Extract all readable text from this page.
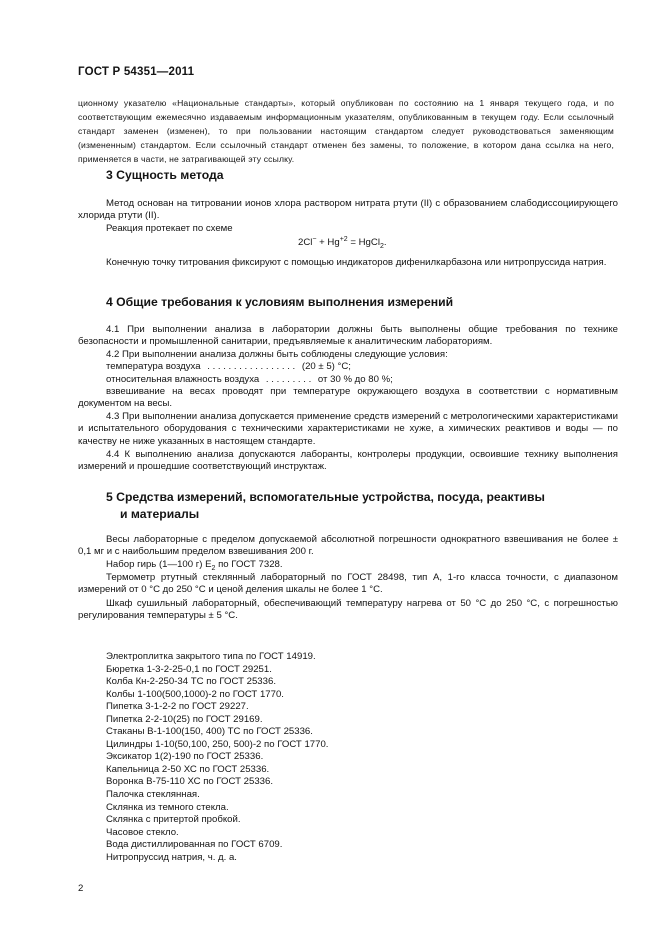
ГОСТ Р 54351—2011

ционному указателю «Национальные стандарты», который опубликован по состоянию на 1 января текущего года, и по соответствующим ежемесячно издаваемым информационным указателям, опубликованным в текущем году. Если ссылочный стандарт заменен (изменен), то при пользовании настоящим стандартом следует руководствоваться заменяющим (измененным) стандартом. Если ссылочный стандарт отменен без замены, то положение, в котором дана ссылка на него, применяется в части, не затрагивающей эту ссылку.

3 Сущность метода
Метод основан на титровании ионов хлора раствором нитрата ртути (II) с образованием слабодиссоциирующего хлорида ртути (II).
Реакция протекает по схеме
$2Cl^- + Hg^{+2}$ = HgCl$_2$.
Конечную точку титрования фиксируют с помощью индикаторов дифенилкарбазона или нитропруссида натрия.
4 Общие требования к условиям выполнения измерений
4.1 При выполнении анализа в лаборатории должны быть выполнены общие требования по технике безопасности и промышленной санитарии, предъявляемые к аналитическим лабораториям.
4.2 При выполнении анализа должны быть соблюдены следующие условия:
температура воздуха . . . . . . . . . . . . . . . . . (20 ± 5) °С;
относительная влажность воздуха . . . . . . . . . от 30 % до 80 %;
взвешивание на весах проводят при температуре окружающего воздуха в соответствии с нормативным документом на весы.
4.3 При выполнении анализа допускается применение средств измерений с метрологическими характеристиками и испытательного оборудования с техническими характеристиками не хуже, а химических реактивов и воды — по качеству не ниже указанных в настоящем стандарте.
4.4 К выполнению анализа допускаются лаборанты, контролеры продукции, освоившие технику выполнения измерений и прошедшие соответствующий инструктаж.
5 Средства измерений, вспомогательные устройства, посуда, реактивы
и материалы
Весы лабораторные с пределом допускаемой абсолютной погрешности однократного взвешивания не более ± 0,1 мг и с наибольшим пределом взвешивания 200 г.
Набор гирь (1—100 г) $Е_2$ по ГОСТ 7328.
Термометр ртутный стеклянный лабораторный по ГОСТ 28498, тип А, 1-го класса точности, с диапазоном измерений от 0 °С до 250 °С и ценой деления шкалы не более 1 °С.
Шкаф сушильный лабораторный, обеспечивающий температуру нагрева от 50 °С до 250 °С, с погрешностью регулирования температуры ± 5 °С.
Электроплитка закрытого типа по ГОСТ 14919.
Бюретка 1-3-2-25-0,1 по ГОСТ 29251.
Колба Кн-2-250-34 ТС по ГОСТ 25336.
Колбы 1-100(500,1000)-2 по ГОСТ 1770.
Пипетка 3-1-2-2 по ГОСТ 29227.
Пипетка 2-2-10(25) по ГОСТ 29169.
Стаканы В-1-100(150, 400) ТС по ГОСТ 25336.
Цилиндры 1-10(50,100, 250, 500)-2 по ГОСТ 1770.
Эксикатор 1(2)-190 по ГОСТ 25336.
Капельница 2-50 ХС по ГОСТ 25336.
Воронка В-75-110 ХС по ГОСТ 25336.
Палочка стеклянная.
Склянка из темного стекла.
Склянка с притертой пробкой.
Часовое стекло.
Вода дистиллированная по ГОСТ 6709.
Нитропруссид натрия, ч. д. а.
2
